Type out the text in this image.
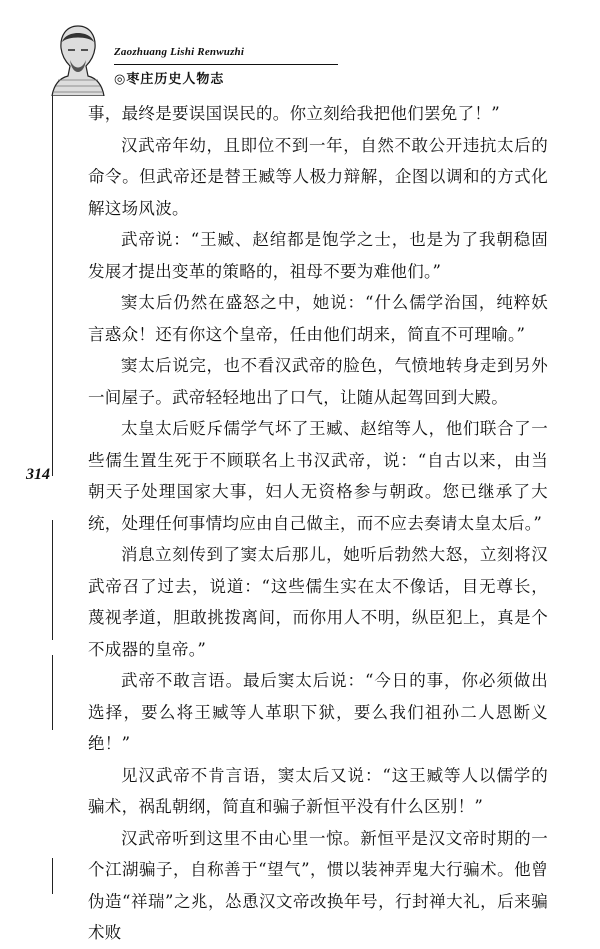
Zaozhuang Lishi Renwuzhi
◎枣庄历史人物志
314

事，最终是要误国误民的。你立刻给我把他们罢免了！”

汉武帝年幼，且即位不到一年，自然不敢公开违抗太后的命令。但武帝还是替王臧等人极力辩解，企图以调和的方式化解这场风波。

武帝说：“王臧、赵绾都是饱学之士，也是为了我朝稳固发展才提出变革的策略的，祖母不要为难他们。”

窦太后仍然在盛怒之中，她说：“什么儒学治国，纯粹妖言惑众！还有你这个皇帝，任由他们胡来，简直不可理喻。”

窦太后说完，也不看汉武帝的脸色，气愤地转身走到另外一间屋子。武帝轻轻地出了口气，让随从起驾回到大殿。

太皇太后贬斥儒学气坏了王臧、赵绾等人，他们联合了一些儒生置生死于不顾联名上书汉武帝，说：“自古以来，由当朝天子处理国家大事，妇人无资格参与朝政。您已继承了大统，处理任何事情均应由自己做主，而不应去奏请太皇太后。”

消息立刻传到了窦太后那儿，她听后勃然大怒，立刻将汉武帝召了过去，说道：“这些儒生实在太不像话，目无尊长，蔑视孝道，胆敢挑拨离间，而你用人不明，纵臣犯上，真是个不成器的皇帝。”

武帝不敢言语。最后窦太后说：“今日的事，你必须做出选择，要么将王臧等人革职下狱，要么我们祖孙二人恩断义绝！”

见汉武帝不肯言语，窦太后又说：“这王臧等人以儒学的骗术，祸乱朝纲，简直和骗子新恒平没有什么区别！”

汉武帝听到这里不由心里一惊。新恒平是汉文帝时期的一个江湖骗子，自称善于“望气”，惯以装神弄鬼大行骗术。他曾伪造“祥瑞”之兆，怂恿汉文帝改换年号，行封禅大礼，后来骗术败
